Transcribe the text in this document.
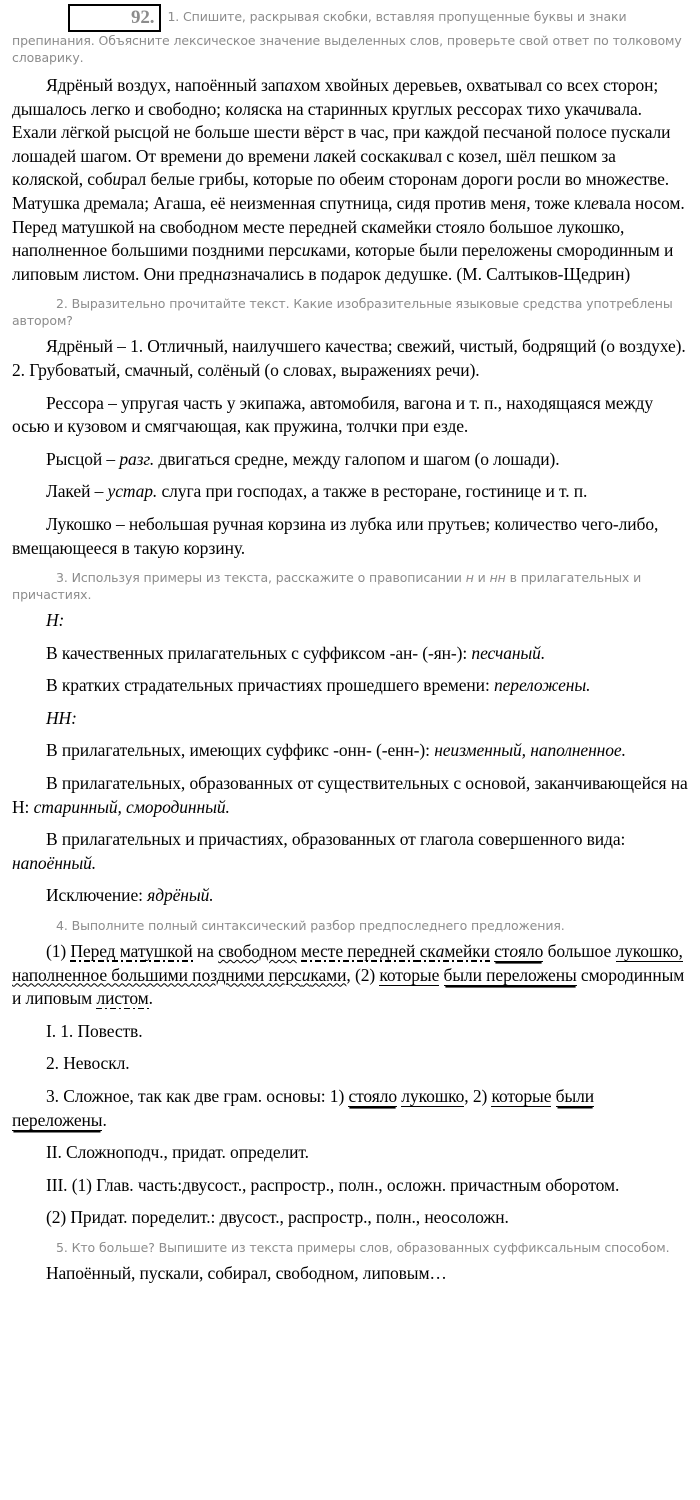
92. 1. Спишите, раскрывая скобки, вставляя пропущенные буквы и знаки препинания. Объясните лексическое значение выделенных слов, проверьте свой ответ по толковому словарику.

Ядрёный воздух, напоённый запахом хвойных деревьев, охватывал со всех сторон; дышалось легко и свободно; коляска на старинных круглых рессорах тихо укачивала. Ехали лёгкой рысцой не больше шести вёрст в час, при каждой песчаной полосе пускали лошадей шагом. От времени до времени лакей соскакивал с козел, шёл пешком за коляской, собирал белые грибы, которые по обеим сторонам дороги росли во множестве. Матушка дремала; Агаша, её неизменная спутница, сидя против меня, тоже клевала носом. Перед матушкой на свободном месте передней скамейки стояло большое лукошко, наполненное большими поздними персиками, которые были переложены смородинным и липовым листом. Они предназначались в подарок дедушке. (М. Салтыков-Щедрин)

2. Выразительно прочитайте текст. Какие изобразительные языковые средства употреблены автором?

Ядрёный – 1. Отличный, наилучшего качества; свежий, чистый, бодрящий (о воздухе). 2. Грубоватый, смачный, солёный (о словах, выражениях речи).

Рессора – упругая часть у экипажа, автомобиля, вагона и т. п., находящаяся между осью и кузовом и смягчающая, как пружина, толчки при езде.

Рысцой – разг. двигаться средне, между галопом и шагом (о лошади).

Лакей – устар. слуга при господах, а также в ресторане, гостинице и т. п.

Лукошко – небольшая ручная корзина из лубка или прутьев; количество чего-либо, вмещающееся в такую корзину.

3. Используя примеры из текста, расскажите о правописании н и нн в прилагательных и причастиях.

Н:

В качественных прилагательных с суффиксом -ан- (-ян-): песчаный.

В кратких страдательных причастиях прошедшего времени: переложены.

НН:

В прилагательных, имеющих суффикс -онн- (-енн-): неизменный, наполненное.

В прилагательных, образованных от существительных с основой, заканчивающейся на Н: старинный, смородинный.

В прилагательных и причастиях, образованных от глагола совершенного вида: напоённый.

Исключение: ядрёный.

4. Выполните полный синтаксический разбор предпоследнего предложения.

(1) Перед матушкой на свободном месте передней скамейки стояло большое лукошко, наполненное большими поздними персиками, (2) которые были переложены смородинным и липовым листом.

I. 1. Повеств.

2. Невоскл.

3. Сложное, так как две грам. основы: 1) стояло лукошко, 2) которые были переложены.

II. Сложноподч., придат. определит.

III. (1) Глав. часть:двусост., распростр., полн., осложн. причастным оборотом.

(2) Придат. поределит.: двусост., распростр., полн., неосоложн.

5. Кто больше? Выпишите из текста примеры слов, образованных суффиксальным способом.

Напоённый, пускали, собирал, свободном, липовым…
